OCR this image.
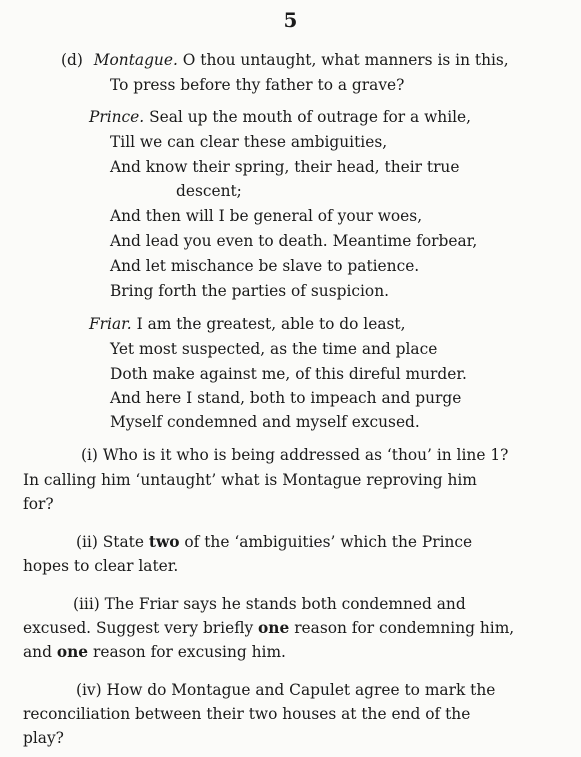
5
(d) Montague. O thou untaught, what manners is in this,
To press before thy father to a grave?
Prince. Seal up the mouth of outrage for a while,
Till we can clear these ambiguities,
And know their spring, their head, their true
descent;
And then will I be general of your woes,
And lead you even to death. Meantime forbear,
And let mischance be slave to patience.
Bring forth the parties of suspicion.
Friar. I am the greatest, able to do least,
Yet most suspected, as the time and place
Doth make against me, of this direful murder.
And here I stand, both to impeach and purge
Myself condemned and myself excused.
(i) Who is it who is being addressed as ‘thou’ in line 1?
In calling him ‘untaught’ what is Montague reproving him
for?
(ii) State two of the ‘ambiguities’ which the Prince
hopes to clear later.
(iii) The Friar says he stands both condemned and
excused. Suggest very briefly one reason for condemning him,
and one reason for excusing him.
(iv) How do Montague and Capulet agree to mark the
reconciliation between their two houses at the end of the
play?
